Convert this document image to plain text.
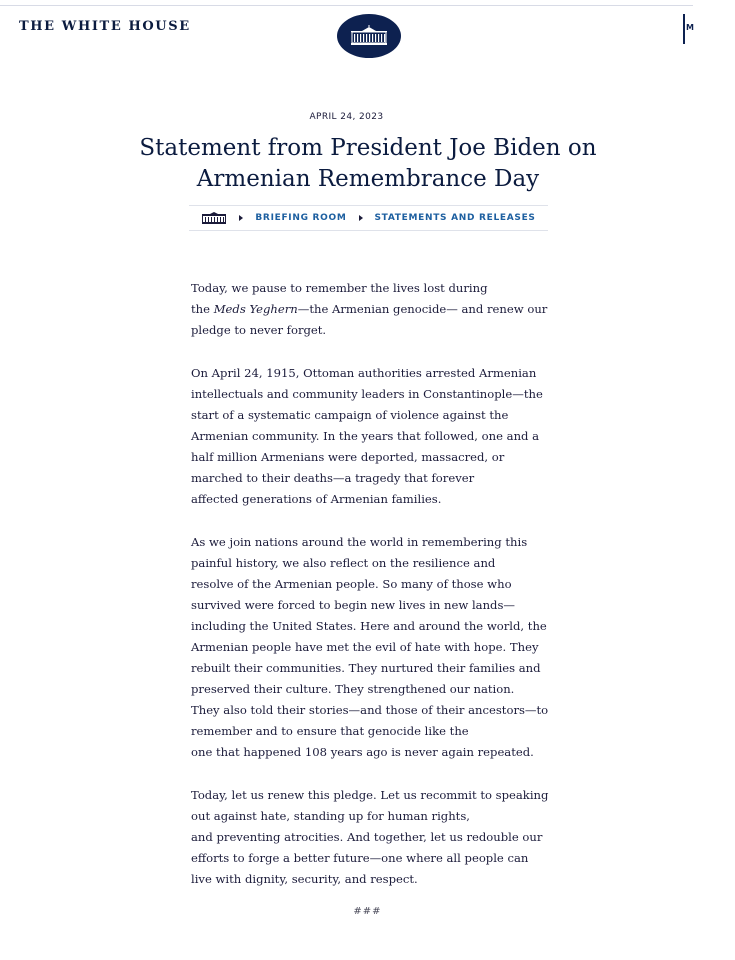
THE WHITE HOUSE	M
APRIL 24, 2023
Statement from President Joe Biden on
Armenian Remembrance Day
BRIEFING ROOM	STATEMENTS AND RELEASES

Today, we pause to remember the lives lost during
the Meds Yeghern—the Armenian genocide— and renew our
pledge to never forget.

On April 24, 1915, Ottoman authorities arrested Armenian
intellectuals and community leaders in Constantinople—the
start of a systematic campaign of violence against the
Armenian community. In the years that followed, one and a
half million Armenians were deported, massacred, or
marched to their deaths—a tragedy that forever
affected generations of Armenian families.

As we join nations around the world in remembering this
painful history, we also reflect on the resilience and
resolve of the Armenian people. So many of those who
survived were forced to begin new lives in new lands—
including the United States. Here and around the world, the
Armenian people have met the evil of hate with hope. They
rebuilt their communities. They nurtured their families and
preserved their culture. They strengthened our nation.
They also told their stories—and those of their ancestors—to
remember and to ensure that genocide like the
one that happened 108 years ago is never again repeated.

Today, let us renew this pledge. Let us recommit to speaking
out against hate, standing up for human rights,
and preventing atrocities. And together, let us redouble our
efforts to forge a better future—one where all people can
live with dignity, security, and respect.

###
